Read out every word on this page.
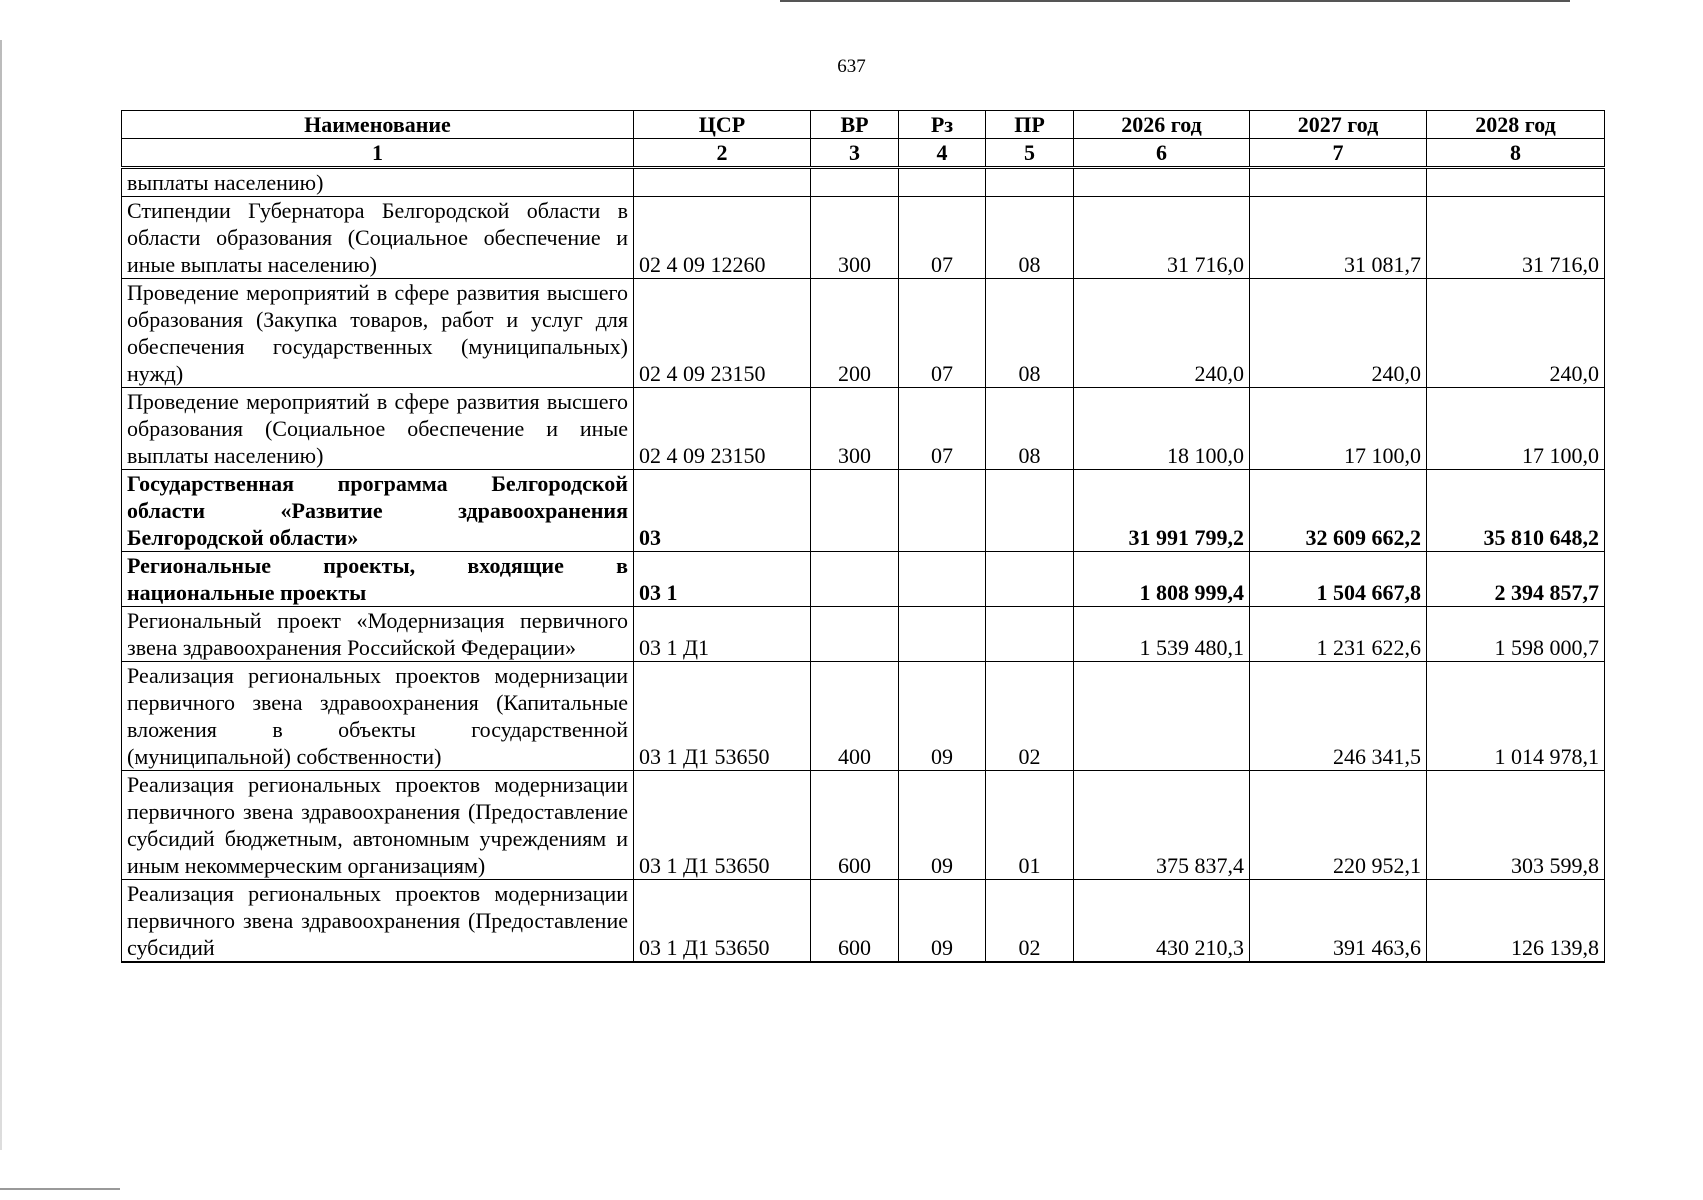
637
Наименование	ЦСР	ВР	Рз	ПР	2026 год	2027 год	2028 год
1	2	3	4	5	6	7	8
выплаты населению)							
Стипендии Губернатора Белгородской области в области образования (Социальное обеспечение и иные выплаты населению)	02 4 09 12260	300	07	08	31 716,0	31 081,7	31 716,0
Проведение мероприятий в сфере развития высшего образования (Закупка товаров, работ и услуг для обеспечения государственных (муниципальных) нужд)	02 4 09 23150	200	07	08	240,0	240,0	240,0
Проведение мероприятий в сфере развития высшего образования (Социальное обеспечение и иные выплаты населению)	02 4 09 23150	300	07	08	18 100,0	17 100,0	17 100,0
Государственная программа Белгородской области «Развитие здравоохранения Белгородской области»	03				31 991 799,2	32 609 662,2	35 810 648,2
Региональные проекты, входящие в национальные проекты	03 1				1 808 999,4	1 504 667,8	2 394 857,7
Региональный проект «Модернизация первичного звена здравоохранения Российской Федерации»	03 1 Д1				1 539 480,1	1 231 622,6	1 598 000,7
Реализация региональных проектов модернизации первичного звена здравоохранения (Капитальные вложения в объекты государственной (муниципальной) собственности)	03 1 Д1 53650	400	09	02		246 341,5	1 014 978,1
Реализация региональных проектов модернизации первичного звена здравоохранения (Предоставление субсидий бюджетным, автономным учреждениям и иным некоммерческим организациям)	03 1 Д1 53650	600	09	01	375 837,4	220 952,1	303 599,8
Реализация региональных проектов модернизации первичного звена здравоохранения (Предоставление субсидий	03 1 Д1 53650	600	09	02	430 210,3	391 463,6	126 139,8
